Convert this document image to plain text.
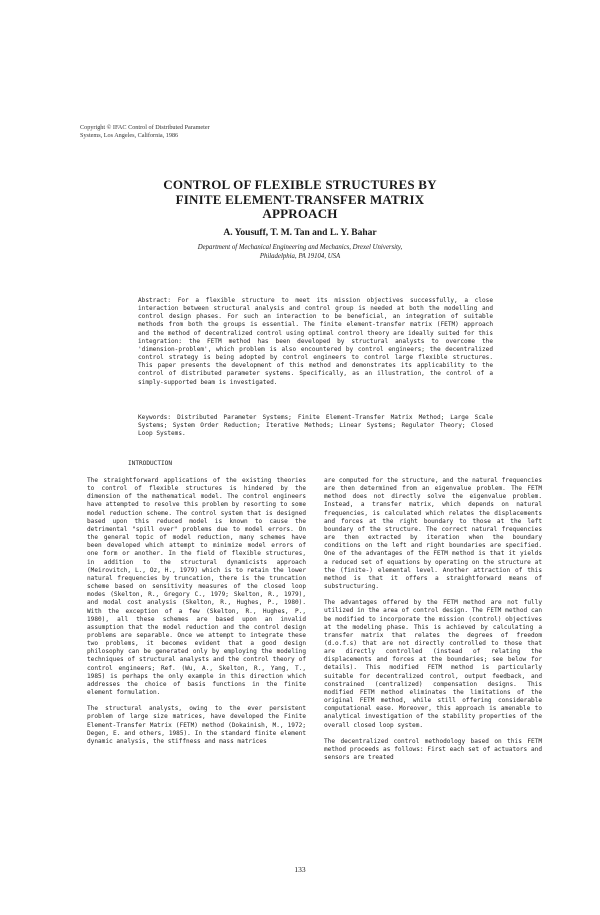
Copyright © IFAC Control of Distributed Parameter
Systems, Los Angeles, California, 1986
CONTROL OF FLEXIBLE STRUCTURES BY
FINITE ELEMENT-TRANSFER MATRIX
APPROACH
A. Yousuff, T. M. Tan and L. Y. Bahar
Department of Mechanical Engineering and Mechanics, Drexel University,
Philadelphia, PA 19104, USA
Abstract: For a flexible structure to meet its mission objectives successfully, a close interaction between structural analysis and control group is needed at both the modelling and control design phases. For such an interaction to be beneficial, an integration of suitable methods from both the groups is essential. The finite element-transfer matrix (FETM) approach and the method of decentralized control using optimal control theory are ideally suited for this integration: the FETM method has been developed by structural analysts to overcome the 'dimension-problem', which problem is also encountered by control engineers; the decentralized control strategy is being adopted by control engineers to control large flexible structures. This paper presents the development of this method and demonstrates its applicability to the control of distributed parameter systems. Specifically, as an illustration, the control of a simply-supported beam is investigated.
Keywords: Distributed Parameter Systems; Finite Element-Transfer Matrix Method; Large Scale Systems; System Order Reduction; Iterative Methods; Linear Systems; Regulator Theory; Closed Loop Systems.
INTRODUCTION

The straightforward applications of the existing theories to control of flexible structures is hindered by the dimension of the mathematical model. The control engineers have attempted to resolve this problem by resorting to some model reduction scheme. The control system that is designed based upon this reduced model is known to cause the detrimental "spill over" problems due to model errors. On the general topic of model reduction, many schemes have been developed which attempt to minimize model errors of one form or another. In the field of flexible structures, in addition to the structural dynamicists approach (Meirovitch, L., Oz, H., 1979) which is to retain the lower natural frequencies by truncation, there is the truncation scheme based on sensitivity measures of the closed loop modes (Skelton, R., Gregory C., 1979; Skelton, R., 1979), and modal cost analysis (Skelton, R., Hughes, P., 1980). With the exception of a few (Skelton, R., Hughes, P., 1980), all these schemes are based upon an invalid assumption that the model reduction and the control design problems are separable. Once we attempt to integrate these two problems, it becomes evident that a good design philosophy can be generated only by employing the modeling techniques of structural analysts and the control theory of control engineers; Ref. (Wu, A., Skelton, R., Yang, T., 1985) is perhaps the only example in this direction which addresses the choice of basis functions in the finite element formulation.

The structural analysts, owing to the ever persistent problem of large size matrices, have developed the Finite Element-Transfer Matrix (FETM) method (Dokainish, M., 1972; Degen, E. and others, 1985). In the standard finite element dynamic analysis, the stiffness and mass matrices

are computed for the structure, and the natural frequencies are then determined from an eigenvalue problem. The FETM method does not directly solve the eigenvalue problem. Instead, a transfer matrix, which depends on natural frequencies, is calculated which relates the displacements and forces at the right boundary to those at the left boundary of the structure. The correct natural frequencies are then extracted by iteration when the boundary conditions on the left and right boundaries are specified. One of the advantages of the FETM method is that it yields a reduced set of equations by operating on the structure at the (finite-) elemental level. Another attraction of this method is that it offers a straightforward means of substructuring.

The advantages offered by the FETM method are not fully utilized in the area of control design. The FETM method can be modified to incorporate the mission (control) objectives at the modeling phase. This is achieved by calculating a transfer matrix that relates the degrees of freedom (d.o.f.s) that are not directly controlled to those that are directly controlled (instead of relating the displacements and forces at the boundaries; see below for details). This modified FETM method is particularly suitable for decentralized control, output feedback, and constrained (centralized) compensation designs. This modified FETM method eliminates the limitations of the original FETM method, while still offering considerable computational ease. Moreover, this approach is amenable to analytical investigation of the stability properties of the overall closed loop system.

The decentralized control methodology based on this FETM method proceeds as follows: First each set of actuators and sensors are treated

133
